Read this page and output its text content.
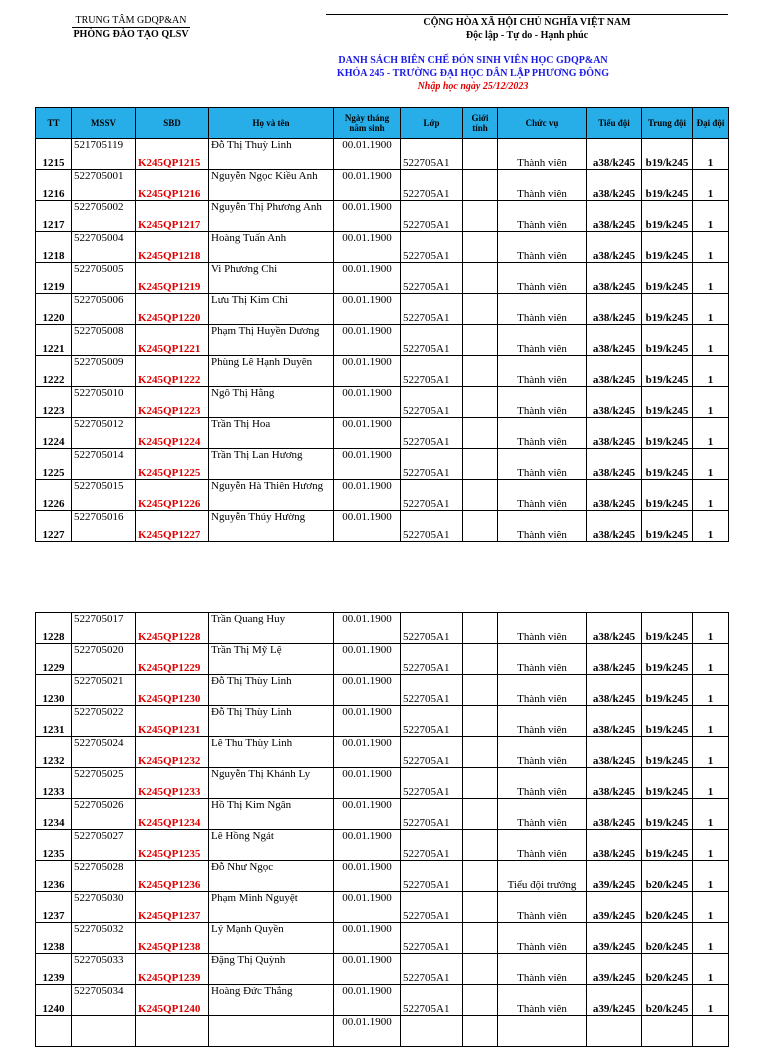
TRUNG TÂM GDQP&AN
PHÒNG ĐÀO TẠO QLSV
CỘNG HÒA XÃ HỘI CHỦ NGHĨA VIỆT NAM
Độc lập - Tự do - Hạnh phúc
DANH SÁCH BIÊN CHẾ ĐÓN SINH VIÊN HỌC GDQP&AN
KHÓA 245 - TRƯỜNG ĐẠI HỌC DÂN LẬP PHƯƠNG ĐÔNG
Nhập học ngày 25/12/2023
TT	MSSV	SBD	Họ và tên	Ngày tháng năm sinh	Lớp	Giới tính	Chức vụ	Tiểu đội	Trung đội	Đại đội
1215	521705119	K245QP1215	Đỗ Thị Thuỳ Linh	00.01.1900	522705A1		Thành viên	a38/k245	b19/k245	1
1216	522705001	K245QP1216	Nguyễn Ngọc Kiều Anh	00.01.1900	522705A1		Thành viên	a38/k245	b19/k245	1
1217	522705002	K245QP1217	Nguyễn Thị Phương Anh	00.01.1900	522705A1		Thành viên	a38/k245	b19/k245	1
1218	522705004	K245QP1218	Hoàng Tuấn Anh	00.01.1900	522705A1		Thành viên	a38/k245	b19/k245	1
1219	522705005	K245QP1219	Vi Phương Chi	00.01.1900	522705A1		Thành viên	a38/k245	b19/k245	1
1220	522705006	K245QP1220	Lưu Thị Kim Chi	00.01.1900	522705A1		Thành viên	a38/k245	b19/k245	1
1221	522705008	K245QP1221	Phạm Thị Huyền Dương	00.01.1900	522705A1		Thành viên	a38/k245	b19/k245	1
1222	522705009	K245QP1222	Phùng Lê Hạnh Duyên	00.01.1900	522705A1		Thành viên	a38/k245	b19/k245	1
1223	522705010	K245QP1223	Ngô Thị Hằng	00.01.1900	522705A1		Thành viên	a38/k245	b19/k245	1
1224	522705012	K245QP1224	Trần Thị Hoa	00.01.1900	522705A1		Thành viên	a38/k245	b19/k245	1
1225	522705014	K245QP1225	Trần Thị Lan Hương	00.01.1900	522705A1		Thành viên	a38/k245	b19/k245	1
1226	522705015	K245QP1226	Nguyễn Hà Thiên Hương	00.01.1900	522705A1		Thành viên	a38/k245	b19/k245	1
1227	522705016	K245QP1227	Nguyễn Thúy Hường	00.01.1900	522705A1		Thành viên	a38/k245	b19/k245	1
1228	522705017	K245QP1228	Trần Quang Huy	00.01.1900	522705A1		Thành viên	a38/k245	b19/k245	1
1229	522705020	K245QP1229	Trần Thị Mỹ Lệ	00.01.1900	522705A1		Thành viên	a38/k245	b19/k245	1
1230	522705021	K245QP1230	Đỗ Thị Thùy Linh	00.01.1900	522705A1		Thành viên	a38/k245	b19/k245	1
1231	522705022	K245QP1231	Đỗ Thị Thùy Linh	00.01.1900	522705A1		Thành viên	a38/k245	b19/k245	1
1232	522705024	K245QP1232	Lê Thu Thùy Linh	00.01.1900	522705A1		Thành viên	a38/k245	b19/k245	1
1233	522705025	K245QP1233	Nguyễn Thị Khánh Ly	00.01.1900	522705A1		Thành viên	a38/k245	b19/k245	1
1234	522705026	K245QP1234	Hồ Thị Kim Ngân	00.01.1900	522705A1		Thành viên	a38/k245	b19/k245	1
1235	522705027	K245QP1235	Lê Hồng Ngát	00.01.1900	522705A1		Thành viên	a38/k245	b19/k245	1
1236	522705028	K245QP1236	Đỗ Như Ngọc	00.01.1900	522705A1		Tiểu đội trưởng	a39/k245	b20/k245	1
1237	522705030	K245QP1237	Phạm Minh Nguyệt	00.01.1900	522705A1		Thành viên	a39/k245	b20/k245	1
1238	522705032	K245QP1238	Lý Mạnh Quyền	00.01.1900	522705A1		Thành viên	a39/k245	b20/k245	1
1239	522705033	K245QP1239	Đặng Thị Quỳnh	00.01.1900	522705A1		Thành viên	a39/k245	b20/k245	1
1240	522705034	K245QP1240	Hoàng Đức Thắng	00.01.1900	522705A1		Thành viên	a39/k245	b20/k245	1
				00.01.1900						
